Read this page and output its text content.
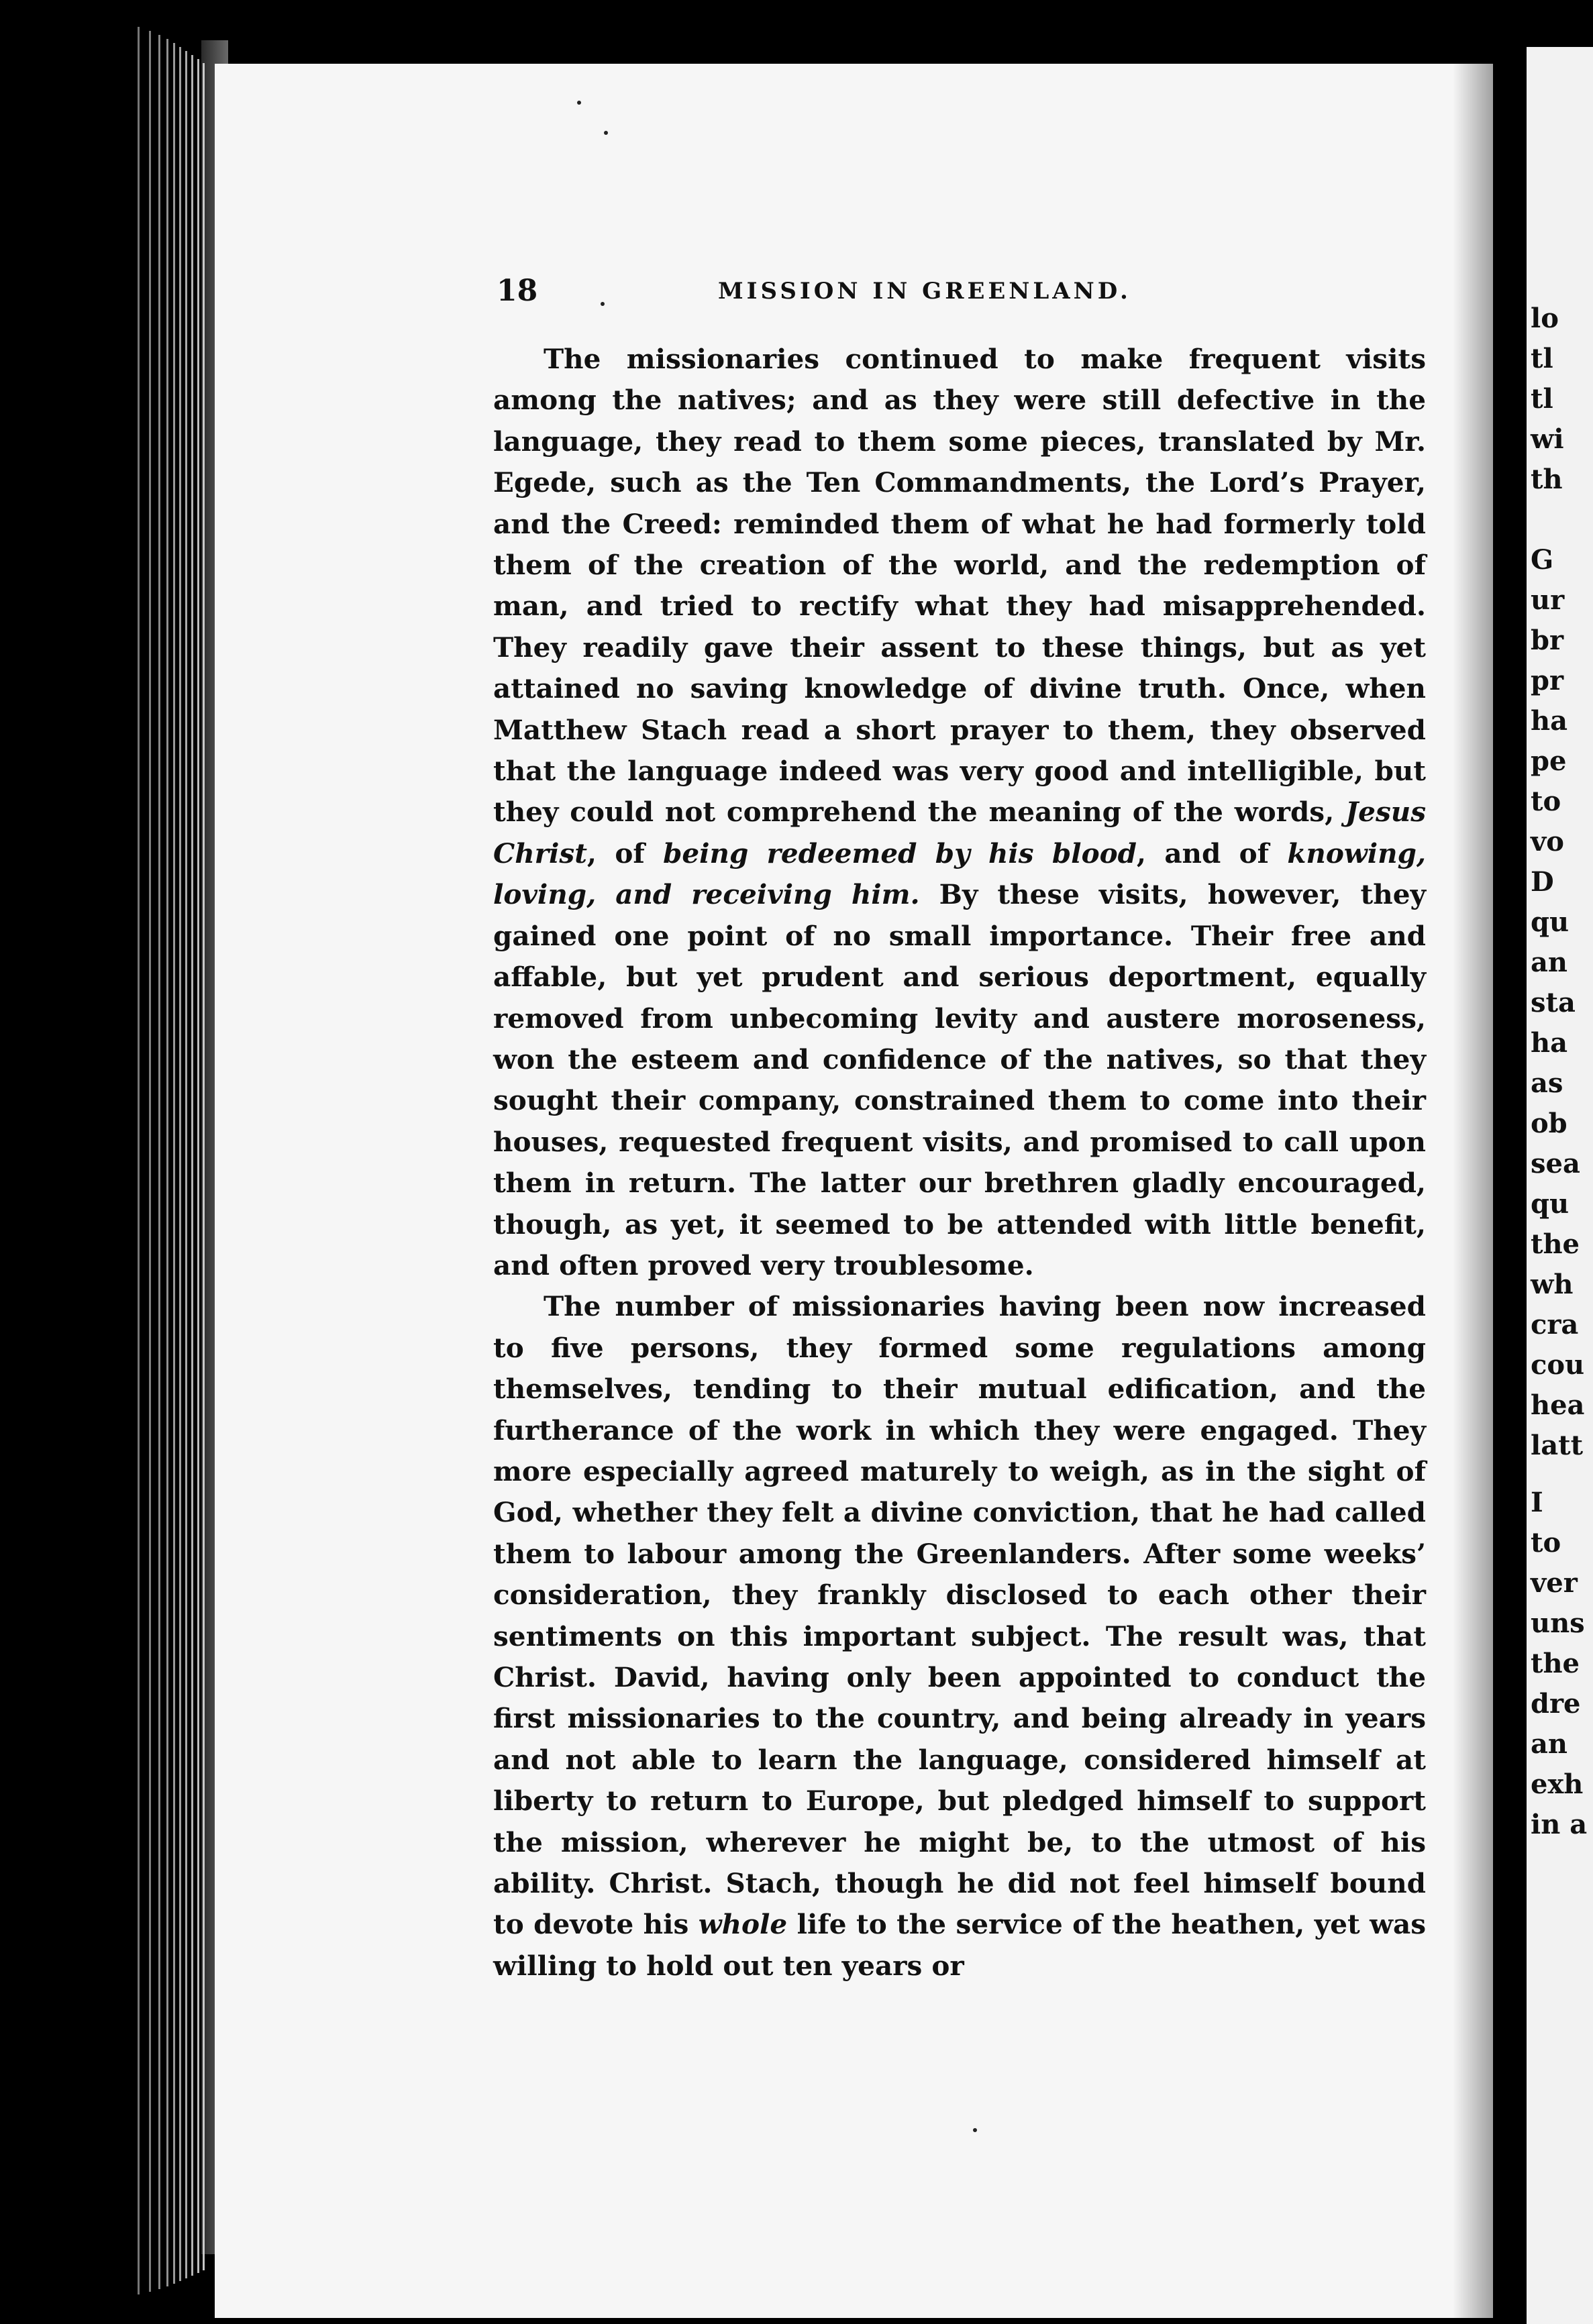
lo
tl
tl
wi
th
G
ur
br
pr
ha
pe
to
vo
D
qu
an
sta
ha
as
ob
sea
qu
the
wh
cra
cou
hea
latt
I
to
ver
uns
the
dre
an
exh
in a
18	MISSION IN GREENLAND.

The missionaries continued to make frequent visits among the natives; and as they were still defective in the language, they read to them some pieces, translated by Mr. Egede, such as the Ten Commandments, the Lord’s Prayer, and the Creed: reminded them of what he had formerly told them of the creation of the world, and the redemption of man, and tried to rectify what they had misapprehended. They readily gave their assent to these things, but as yet attained no saving knowledge of divine truth. Once, when Matthew Stach read a short prayer to them, they observed that the language indeed was very good and intelligible, but they could not comprehend the meaning of the words, Jesus Christ, of being redeemed by his blood, and of knowing, loving, and receiving him. By these visits, however, they gained one point of no small importance. Their free and affable, but yet prudent and serious deportment, equally removed from unbecoming levity and austere moroseness, won the esteem and confidence of the natives, so that they sought their company, constrained them to come into their houses, requested frequent visits, and promised to call upon them in return. The latter our brethren gladly encouraged, though, as yet, it seemed to be attended with little benefit, and often proved very troublesome.

The number of missionaries having been now increased to five persons, they formed some regulations among themselves, tending to their mutual edification, and the furtherance of the work in which they were engaged. They more especially agreed maturely to weigh, as in the sight of God, whether they felt a divine conviction, that he had called them to labour among the Greenlanders. After some weeks’ consideration, they frankly disclosed to each other their sentiments on this important subject. The result was, that Christ. David, having only been appointed to conduct the first missionaries to the country, and being already in years and not able to learn the language, considered himself at liberty to return to Europe, but pledged himself to support the mission, wherever he might be, to the utmost of his ability. Christ. Stach, though he did not feel himself bound to devote his whole life to the service of the heathen, yet was willing to hold out ten years or
